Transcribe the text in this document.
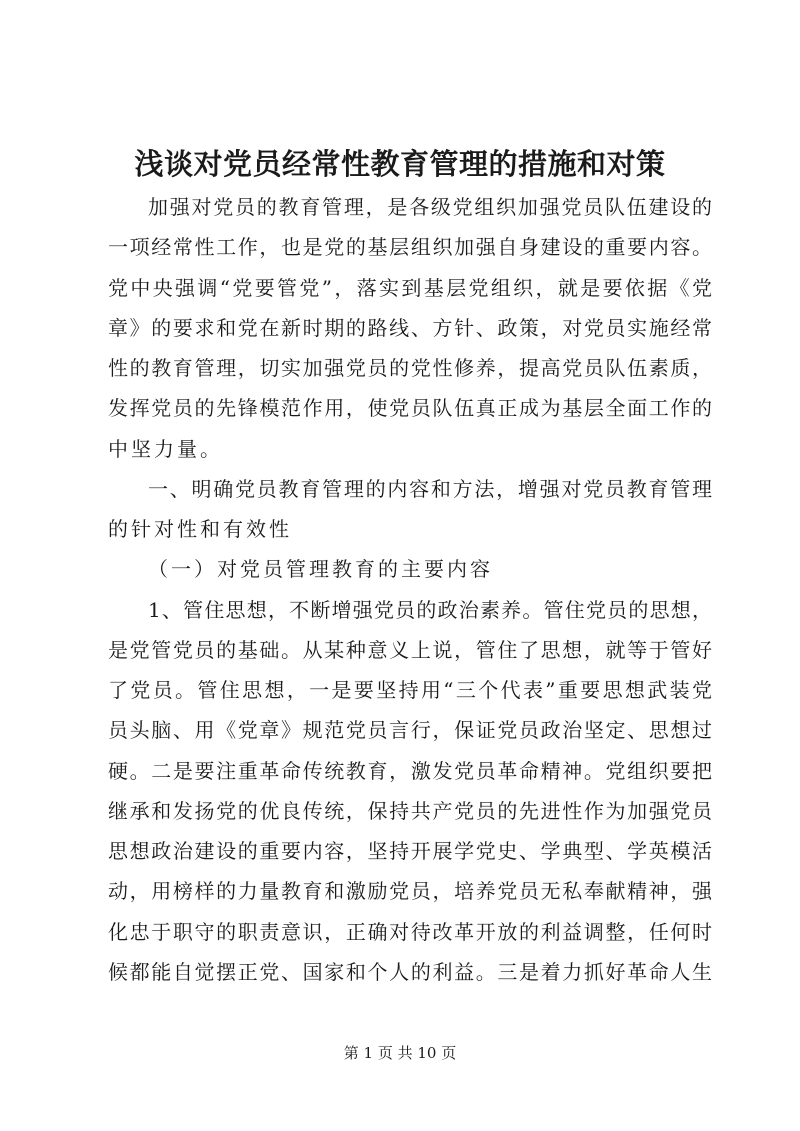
浅谈对党员经常性教育管理的措施和对策
加强对党员的教育管理，是各级党组织加强党员队伍建设的
一项经常性工作，也是党的基层组织加强自身建设的重要内容。
党中央强调“党要管党”，落实到基层党组织，就是要依据《党
章》的要求和党在新时期的路线、方针、政策，对党员实施经常
性的教育管理，切实加强党员的党性修养，提高党员队伍素质，
发挥党员的先锋模范作用，使党员队伍真正成为基层全面工作的
中坚力量。
一、明确党员教育管理的内容和方法，增强对党员教育管理
的针对性和有效性
（一）对党员管理教育的主要内容
1、管住思想，不断增强党员的政治素养。管住党员的思想，
是党管党员的基础。从某种意义上说，管住了思想，就等于管好
了党员。管住思想，一是要坚持用“三个代表”重要思想武装党
员头脑、用《党章》规范党员言行，保证党员政治坚定、思想过
硬。二是要注重革命传统教育，激发党员革命精神。党组织要把
继承和发扬党的优良传统，保持共产党员的先进性作为加强党员
思想政治建设的重要内容，坚持开展学党史、学典型、学英模活
动，用榜样的力量教育和激励党员，培养党员无私奉献精神，强
化忠于职守的职责意识，正确对待改革开放的利益调整，任何时
候都能自觉摆正党、国家和个人的利益。三是着力抓好革命人生
第 1 页 共 10 页
